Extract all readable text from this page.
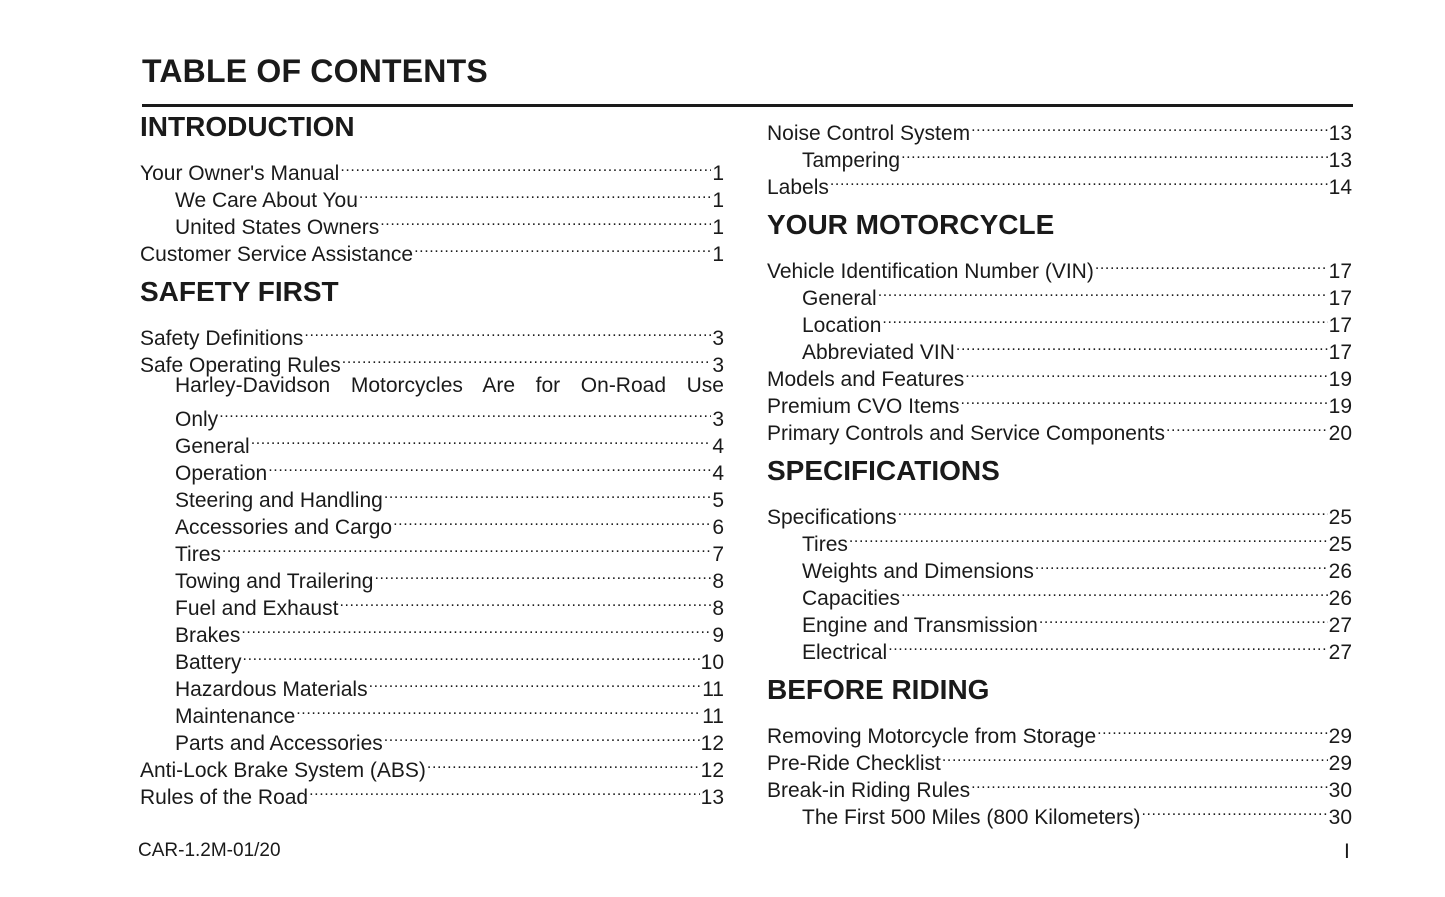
TABLE OF CONTENTS
INTRODUCTION
Your Owner's Manual .....	1
We Care About You .....	1
United States Owners .....	1
Customer Service Assistance .....	1
SAFETY FIRST
Safety Definitions .....	3
Safe Operating Rules .....	3
Harley-Davidson Motorcycles Are for On-Road Use
Only .....	3
General .....	4
Operation .....	4
Steering and Handling .....	5
Accessories and Cargo .....	6
Tires .....	7
Towing and Trailering .....	8
Fuel and Exhaust .....	8
Brakes .....	9
Battery .....	10
Hazardous Materials .....	11
Maintenance .....	11
Parts and Accessories .....	12
Anti-Lock Brake System (ABS) .....	12
Rules of the Road .....	13
Noise Control System .....	13
Tampering .....	13
Labels .....	14
YOUR MOTORCYCLE
Vehicle Identification Number (VIN) .....	17
General .....	17
Location .....	17
Abbreviated VIN .....	17
Models and Features .....	19
Premium CVO Items .....	19
Primary Controls and Service Components .....	20
SPECIFICATIONS
Specifications .....	25
Tires .....	25
Weights and Dimensions .....	26
Capacities .....	26
Engine and Transmission .....	27
Electrical .....	27
BEFORE RIDING
Removing Motorcycle from Storage .....	29
Pre-Ride Checklist .....	29
Break-in Riding Rules .....	30
The First 500 Miles (800 Kilometers) .....	30
CAR-1.2M-01/20	I
